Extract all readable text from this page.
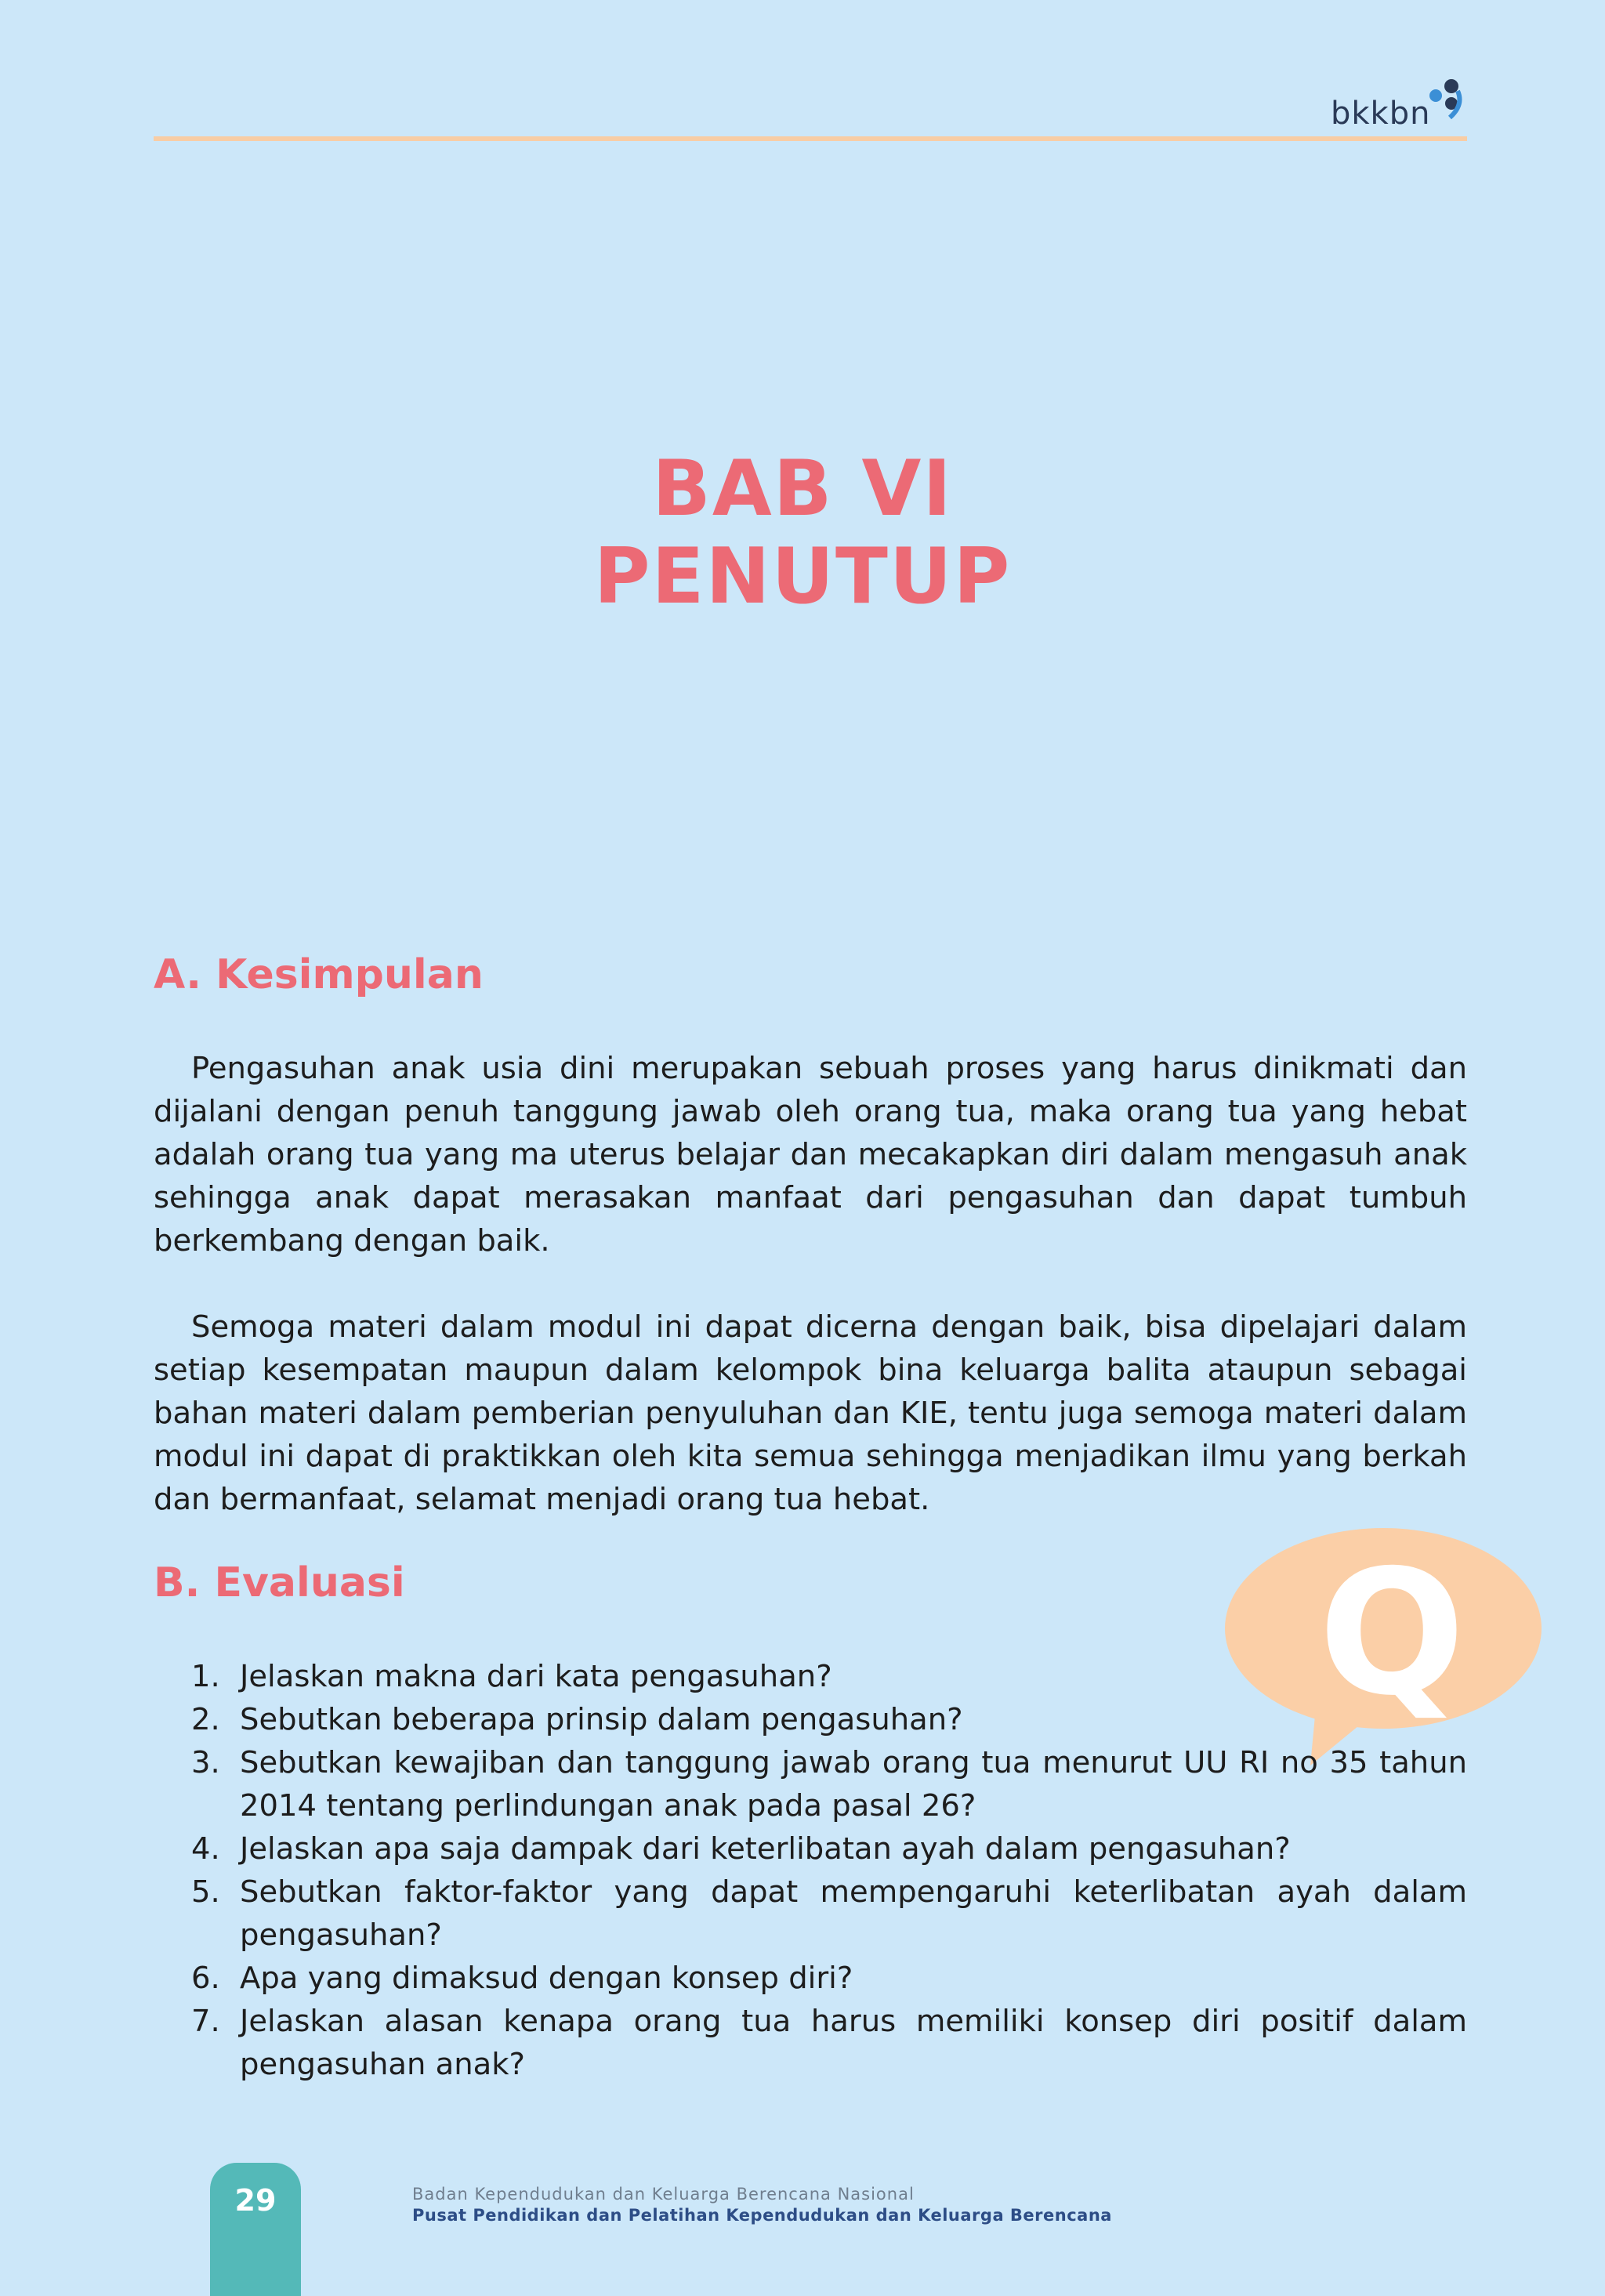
bkkbn
BAB VI
PENUTUP
A. Kesimpulan

Pengasuhan anak usia dini merupakan sebuah proses yang harus dinikmati dan dijalani dengan penuh tanggung jawab oleh orang tua, maka orang tua yang hebat adalah orang tua yang ma uterus belajar dan mecakapkan diri dalam mengasuh anak sehingga anak dapat merasakan manfaat dari pengasuhan dan dapat tumbuh berkembang dengan baik.

Semoga materi dalam modul ini dapat dicerna dengan baik, bisa dipelajari dalam setiap kesempatan maupun dalam kelompok bina keluarga balita ataupun sebagai bahan materi dalam pemberian penyuluhan dan KIE, tentu juga semoga materi dalam modul ini dapat di praktikkan oleh kita semua sehingga menjadikan ilmu yang berkah dan bermanfaat, selamat menjadi orang tua hebat.

B. Evaluasi	Q
1. Jelaskan makna dari kata pengasuhan?
2. Sebutkan beberapa prinsip dalam pengasuhan?
3. Sebutkan kewajiban dan tanggung jawab orang tua menurut UU RI no 35 tahun 2014 tentang perlindungan anak pada pasal 26?
4. Jelaskan apa saja dampak dari keterlibatan ayah dalam pengasuhan?
5. Sebutkan faktor-faktor yang dapat mempengaruhi keterlibatan ayah dalam pengasuhan?
6. Apa yang dimaksud dengan konsep diri?
7. Jelaskan alasan kenapa orang tua harus memiliki konsep diri positif dalam pengasuhan anak?
29	Badan Kependudukan dan Keluarga Berencana Nasional
Pusat Pendidikan dan Pelatihan Kependudukan dan Keluarga Berencana
